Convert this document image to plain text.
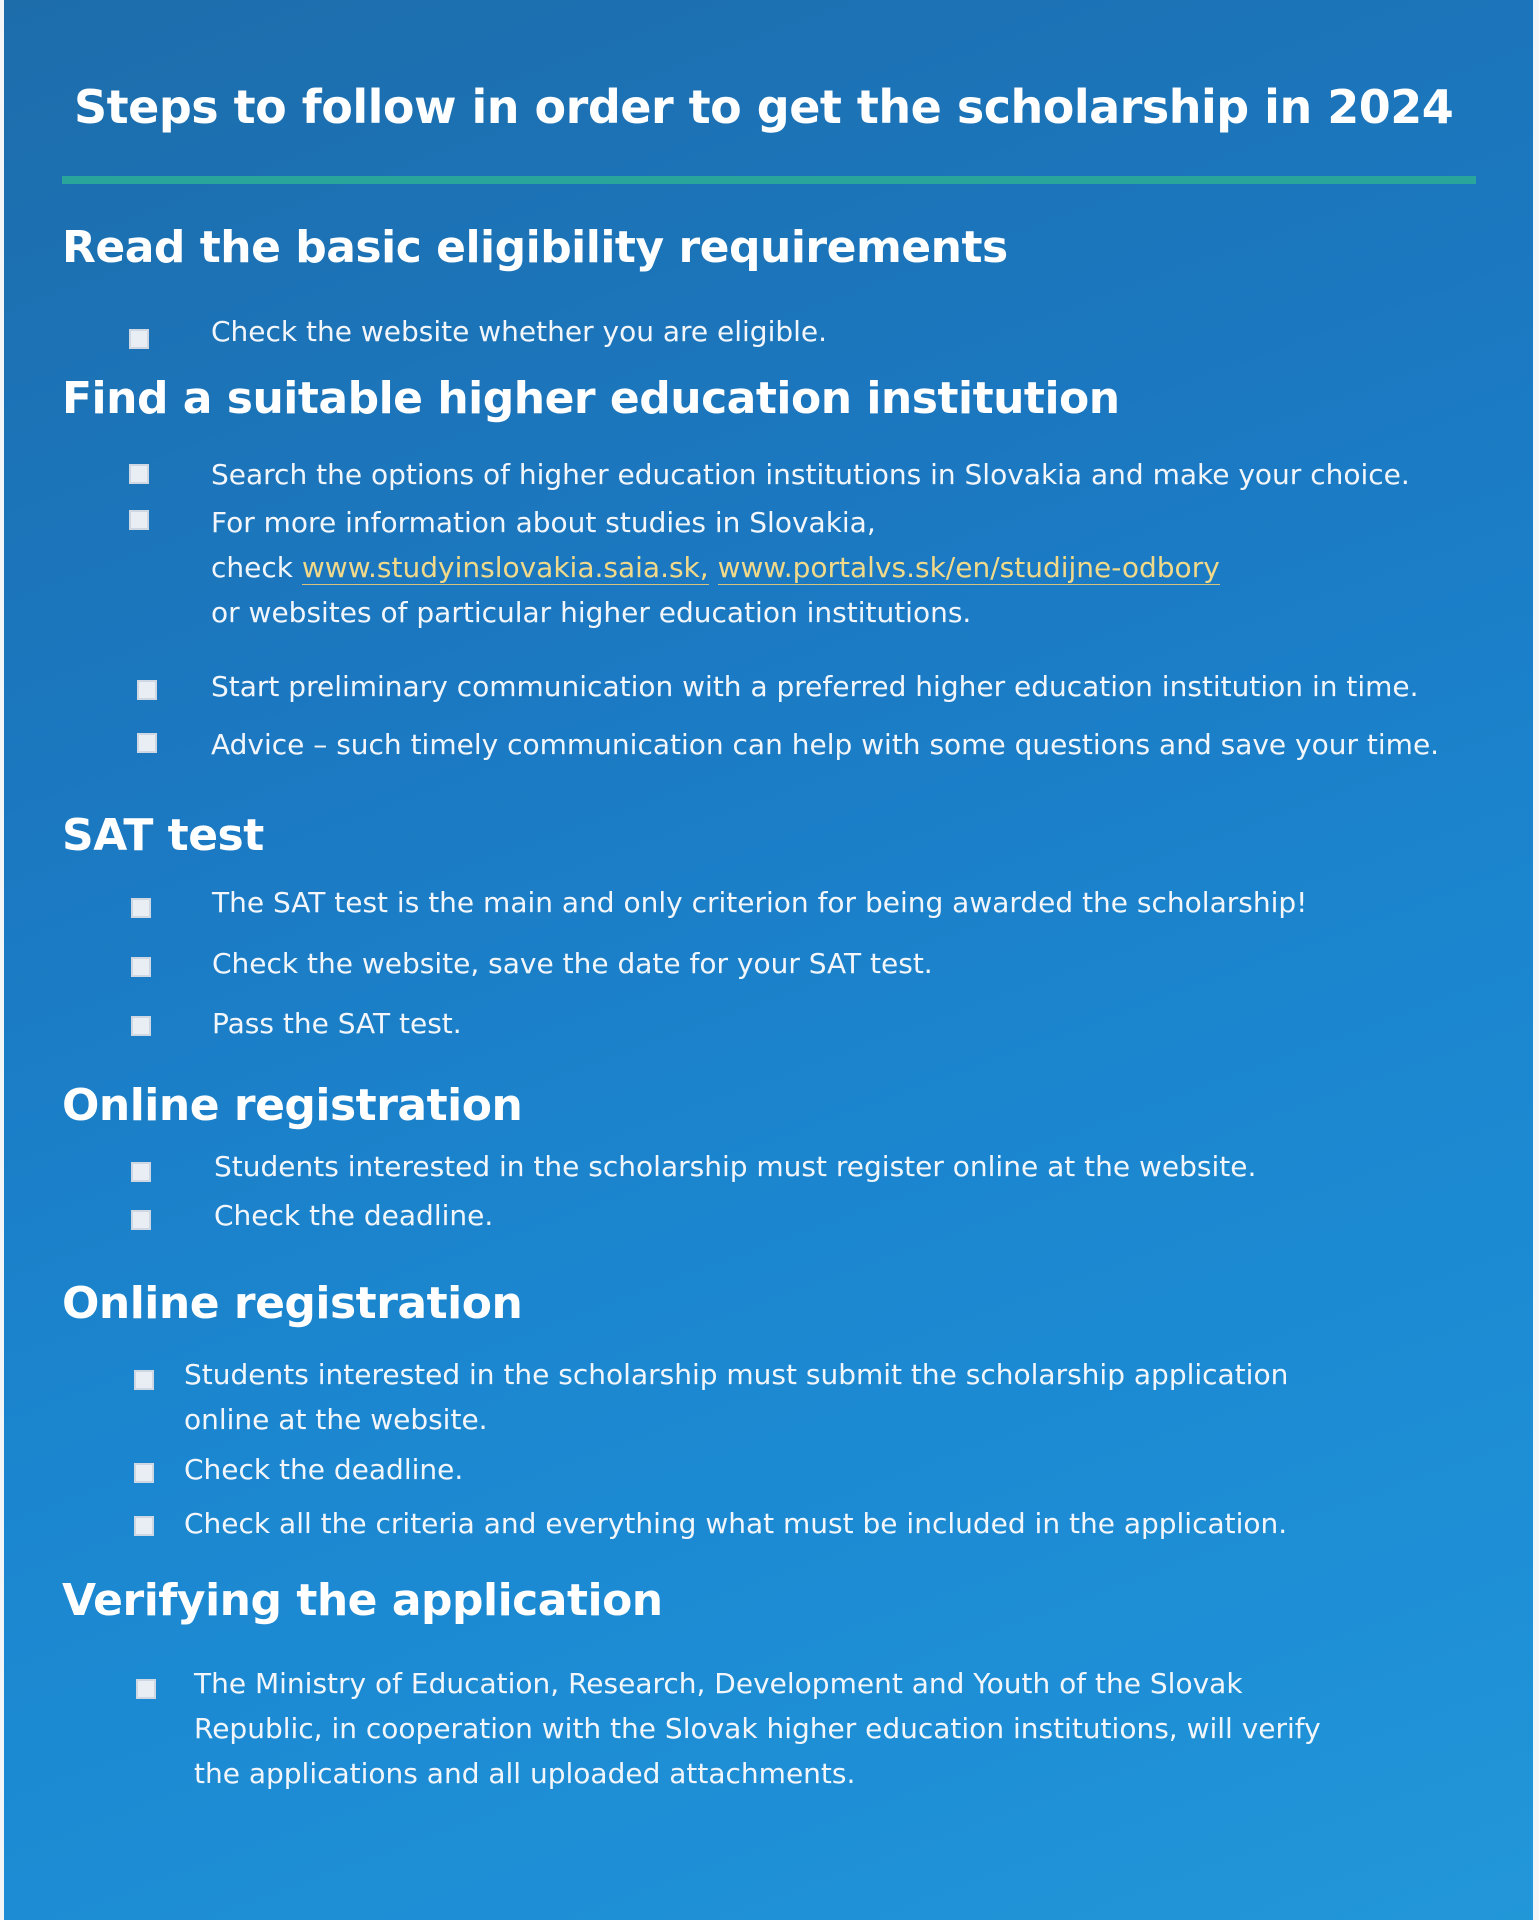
Steps to follow in order to get the scholarship in 2024
Read the basic eligibility requirements

Check the website whether you are eligible.

Find a suitable higher education institution

Search the options of higher education institutions in Slovakia and make your choice.

For more information about studies in Slovakia,

check www.studyinslovakia.saia.sk, www.portalvs.sk/en/studijne-odbory

or websites of particular higher education institutions.

Start preliminary communication with a preferred higher education institution in time.

Advice – such timely communication can help with some questions and save your time.

SAT test

The SAT test is the main and only criterion for being awarded the scholarship!

Check the website, save the date for your SAT test.

Pass the SAT test.

Online registration

Students interested in the scholarship must register online at the website.

Check the deadline.

Online registration

Students interested in the scholarship must submit the scholarship application

online at the website.

Check the deadline.

Check all the criteria and everything what must be included in the application.

Verifying the application

The Ministry of Education, Research, Development and Youth of the Slovak

Republic, in cooperation with the Slovak higher education institutions, will verify

the applications and all uploaded attachments.
